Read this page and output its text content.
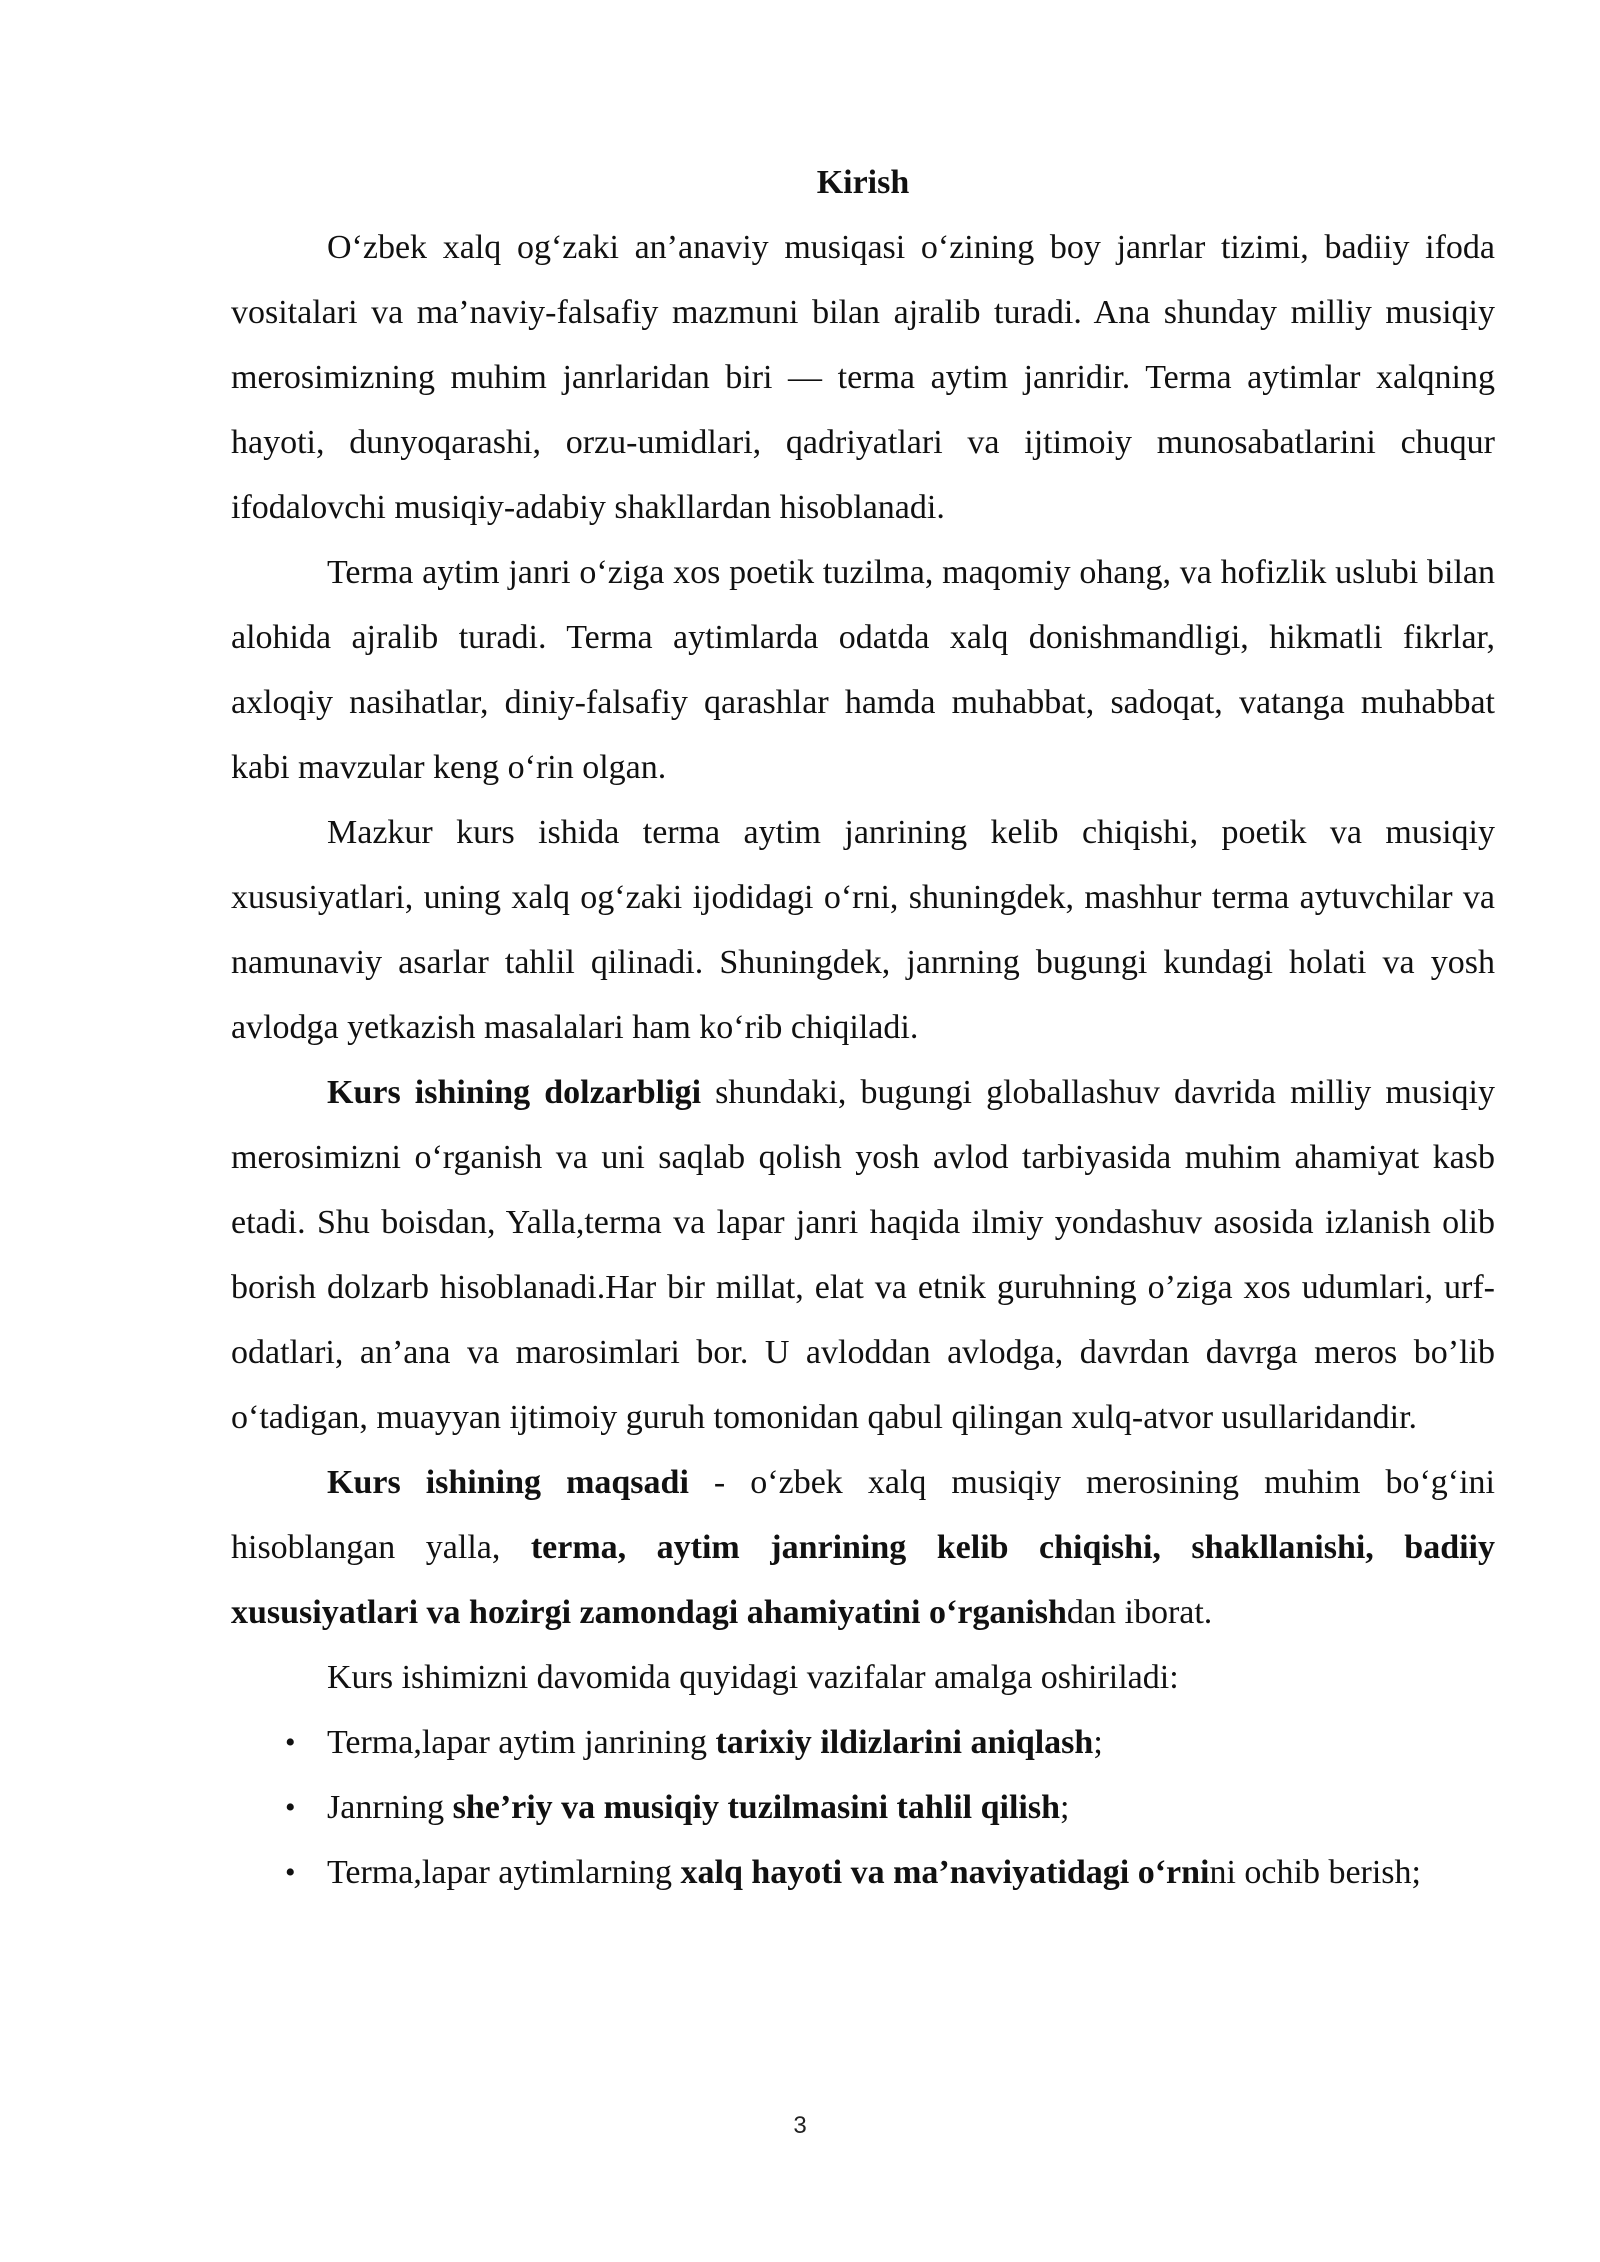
Kirish

O‘zbek xalq og‘zaki an’anaviy musiqasi o‘zining boy janrlar tizimi, badiiy ifoda vositalari va ma’naviy-falsafiy mazmuni bilan ajralib turadi. Ana shunday milliy musiqiy merosimizning muhim janrlaridan biri — terma aytim janridir. Terma aytimlar xalqning hayoti, dunyoqarashi, orzu-umidlari, qadriyatlari va ijtimoiy munosabatlarini chuqur ifodalovchi musiqiy-adabiy shakllardan hisoblanadi.

Terma aytim janri o‘ziga xos poetik tuzilma, maqomiy ohang, va hofizlik uslubi bilan alohida ajralib turadi. Terma aytimlarda odatda xalq donishmandligi, hikmatli fikrlar, axloqiy nasihatlar, diniy-falsafiy qarashlar hamda muhabbat, sadoqat, vatanga muhabbat kabi mavzular keng o‘rin olgan.

Mazkur kurs ishida terma aytim janrining kelib chiqishi, poetik va musiqiy xususiyatlari, uning xalq og‘zaki ijodidagi o‘rni, shuningdek, mashhur terma aytuvchilar va namunaviy asarlar tahlil qilinadi. Shuningdek, janrning bugungi kundagi holati va yosh avlodga yetkazish masalalari ham ko‘rib chiqiladi.

Kurs ishining dolzarbligi shundaki, bugungi globallashuv davrida milliy musiqiy merosimizni o‘rganish va uni saqlab qolish yosh avlod tarbiyasida muhim ahamiyat kasb etadi. Shu boisdan, Yalla,terma va lapar janri haqida ilmiy yondashuv asosida izlanish olib borish dolzarb hisoblanadi.Har bir millat, elat va etnik guruhning o’ziga xos udumlari, urf-odatlari, an’ana va marosimlari bor. U avloddan avlodga, davrdan davrga meros bo’lib o‘tadigan, muayyan ijtimoiy guruh tomonidan qabul qilingan xulq-atvor usullaridandir.

Kurs ishining maqsadi - o‘zbek xalq musiqiy merosining muhim bo‘g‘ini hisoblangan yalla, terma, aytim janrining kelib chiqishi, shakllanishi, badiiy xususiyatlari va hozirgi zamondagi ahamiyatini o‘rganishdan iborat.

Kurs ishimizni davomida quyidagi vazifalar amalga oshiriladi:

• Terma,lapar aytim janrining tarixiy ildizlarini aniqlash;
• Janrning she’riy va musiqiy tuzilmasini tahlil qilish;
• Terma,lapar aytimlarning xalq hayoti va ma’naviyatidagi o‘rnini ochib berish;
3
